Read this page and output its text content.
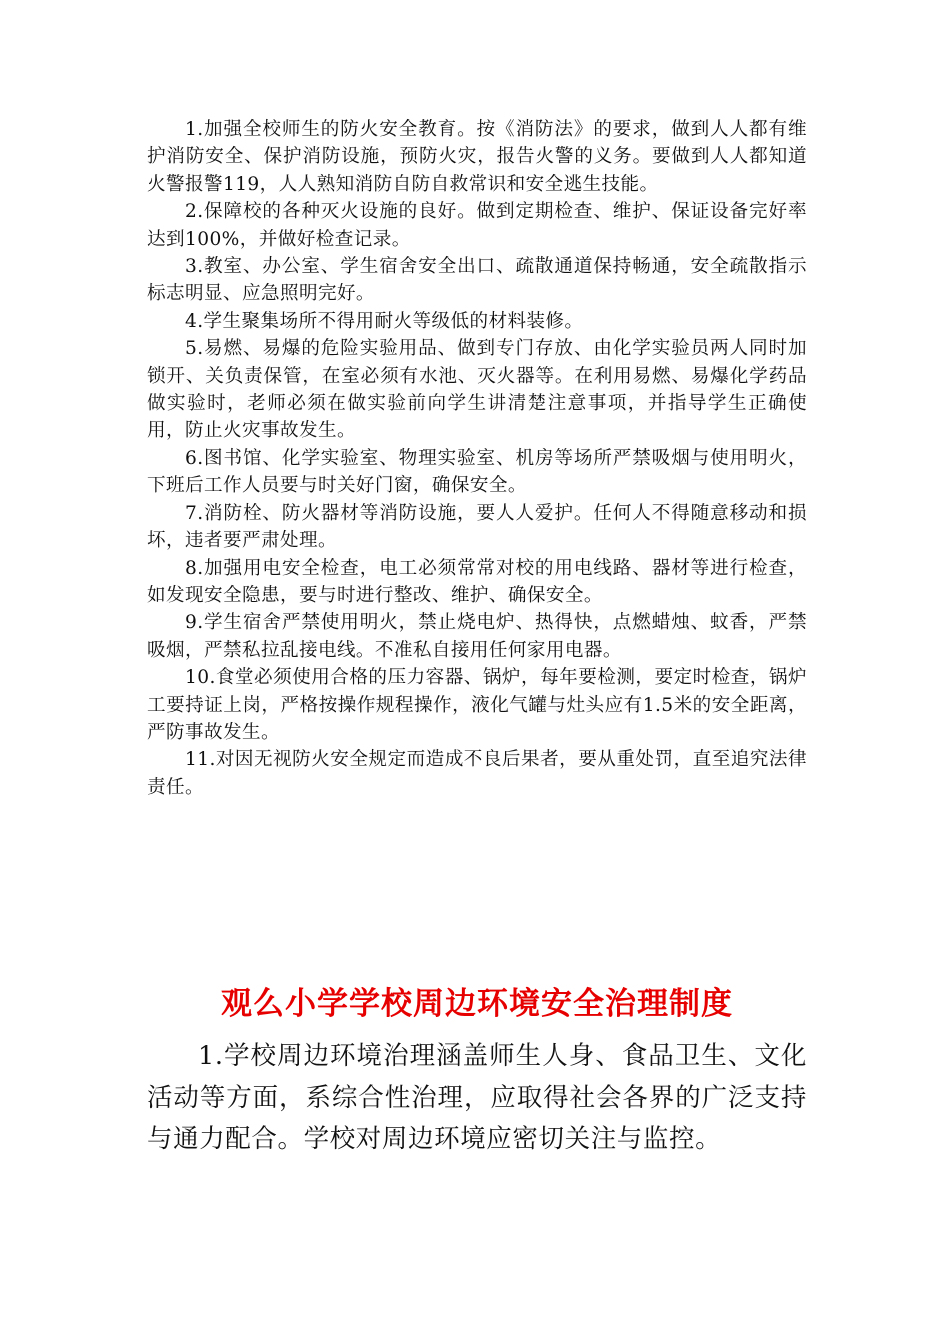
1.加强全校师生的防火安全教育。按《消防法》的要求，做到人人都有维护消防安全、保护消防设施，预防火灾，报告火警的义务。要做到人人都知道火警报警119，人人熟知消防自防自救常识和安全逃生技能。

2.保障校的各种灭火设施的良好。做到定期检查、维护、保证设备完好率达到100%，并做好检查记录。

3.教室、办公室、学生宿舍安全出口、疏散通道保持畅通，安全疏散指示标志明显、应急照明完好。

4.学生聚集场所不得用耐火等级低的材料装修。

5.易燃、易爆的危险实验用品、做到专门存放、由化学实验员两人同时加锁开、关负责保管，在室必须有水池、灭火器等。在利用易燃、易爆化学药品做实验时，老师必须在做实验前向学生讲清楚注意事项，并指导学生正确使用，防止火灾事故发生。

6.图书馆、化学实验室、物理实验室、机房等场所严禁吸烟与使用明火，下班后工作人员要与时关好门窗，确保安全。

7.消防栓、防火器材等消防设施，要人人爱护。任何人不得随意移动和损坏，违者要严肃处理。

8.加强用电安全检查，电工必须常常对校的用电线路、器材等进行检查，如发现安全隐患，要与时进行整改、维护、确保安全。

9.学生宿舍严禁使用明火，禁止烧电炉、热得快，点燃蜡烛、蚊香，严禁吸烟，严禁私拉乱接电线。不准私自接用任何家用电器。

10.食堂必须使用合格的压力容器、锅炉，每年要检测，要定时检查，锅炉工要持证上岗，严格按操作规程操作，液化气罐与灶头应有1.5米的安全距离，严防事故发生。

11.对因无视防火安全规定而造成不良后果者，要从重处罚，直至追究法律责任。

观么小学学校周边环境安全治理制度

1.学校周边环境治理涵盖师生人身、食品卫生、文化活动等方面，系综合性治理，应取得社会各界的广泛支持与通力配合。学校对周边环境应密切关注与监控。
